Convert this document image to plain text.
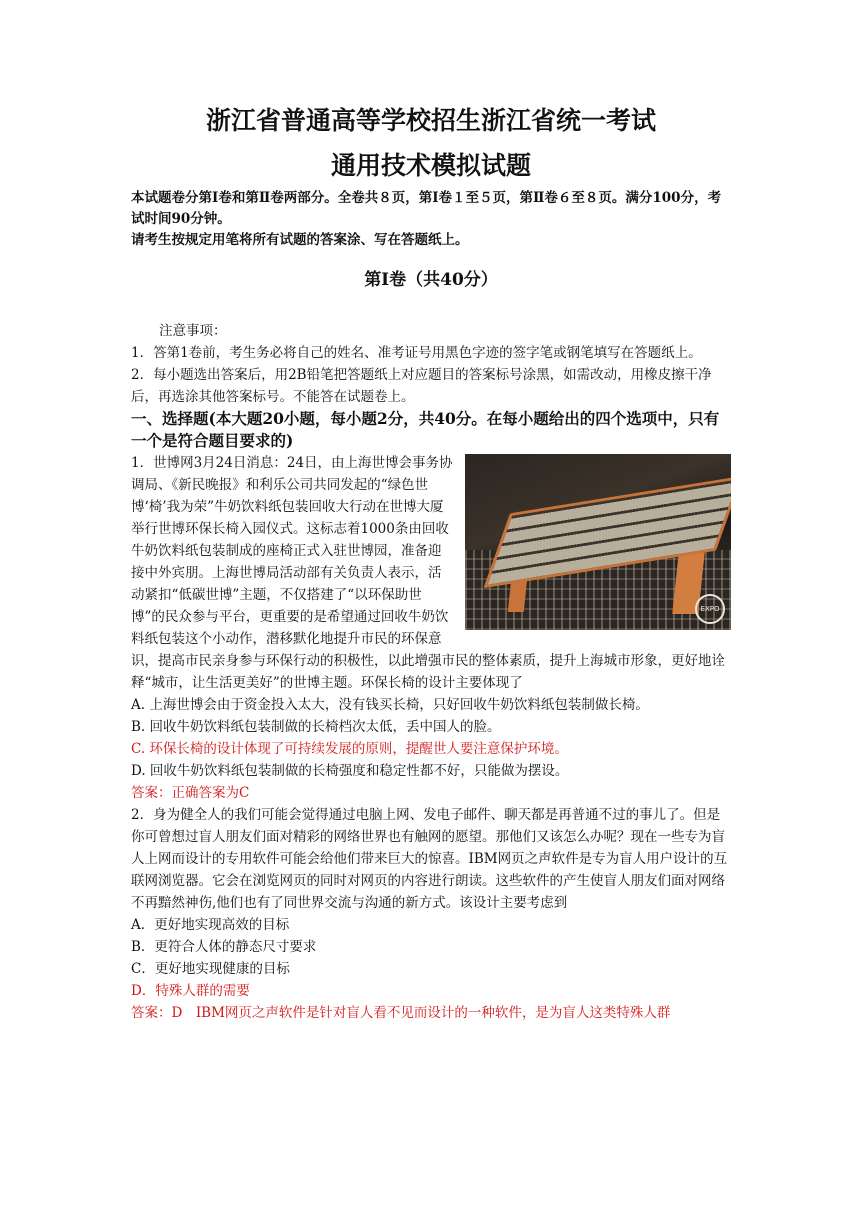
浙江省普通高等学校招生浙江省统一考试
通用技术模拟试题
本试题卷分第Ⅰ卷和第Ⅱ卷两部分。全卷共８页，第Ⅰ卷１至５页，第Ⅱ卷６至８页。满分100分，考试时间90分钟。
请考生按规定用笔将所有试题的答案涂、写在答题纸上。
第Ⅰ卷（共40分）

注意事项：

1．答第1卷前，考生务必将自己的姓名、准考证号用黑色字迹的签字笔或钢笔填写在答题纸上。

2．每小题选出答案后，用2B铅笔把答题纸上对应题目的答案标号涂黑，如需改动，用橡皮擦干净后，再选涂其他答案标号。不能答在试题卷上。

一、选择题(本大题20小题，每小题2分，共40分。在每小题给出的四个选项中，只有一个是符合题目要求的)

EXPO

1．世博网3月24日消息：24日，由上海世博会事务协调局、《新民晚报》和利乐公司共同发起的“绿色世博‘椅’我为荣”牛奶饮料纸包装回收大行动在世博大厦举行世博环保长椅入园仪式。这标志着1000条由回收牛奶饮料纸包装制成的座椅正式入驻世博园，准备迎接中外宾朋。上海世博局活动部有关负责人表示，活动紧扣“低碳世博”主题，不仅搭建了“以环保助世博”的民众参与平台，更重要的是希望通过回收牛奶饮料纸包装这个小动作，潜移默化地提升市民的环保意识，提高市民亲身参与环保行动的积极性，以此增强市民的整体素质，提升上海城市形象，更好地诠释“城市，让生活更美好”的世博主题。环保长椅的设计主要体现了

A. 上海世博会由于资金投入太大，没有钱买长椅，只好回收牛奶饮料纸包装制做长椅。

B. 回收牛奶饮料纸包装制做的长椅档次太低，丢中国人的脸。

C. 环保长椅的设计体现了可持续发展的原则，提醒世人要注意保护环境。

D. 回收牛奶饮料纸包装制做的长椅强度和稳定性都不好，只能做为摆设。

答案：正确答案为C

2．身为健全人的我们可能会觉得通过电脑上网、发电子邮件、聊天都是再普通不过的事儿了。但是你可曾想过盲人朋友们面对精彩的网络世界也有触网的愿望。那他们又该怎么办呢？现在一些专为盲人上网而设计的专用软件可能会给他们带来巨大的惊喜。IBM网页之声软件是专为盲人用户设计的互联网浏览器。它会在浏览网页的同时对网页的内容进行朗读。这些软件的产生使盲人朋友们面对网络不再黯然神伤,他们也有了同世界交流与沟通的新方式。该设计主要考虑到

A．更好地实现高效的目标

B．更符合人体的静态尺寸要求

C．更好地实现健康的目标

D．特殊人群的需要

答案：D　IBM网页之声软件是针对盲人看不见而设计的一种软件，是为盲人这类特殊人群
